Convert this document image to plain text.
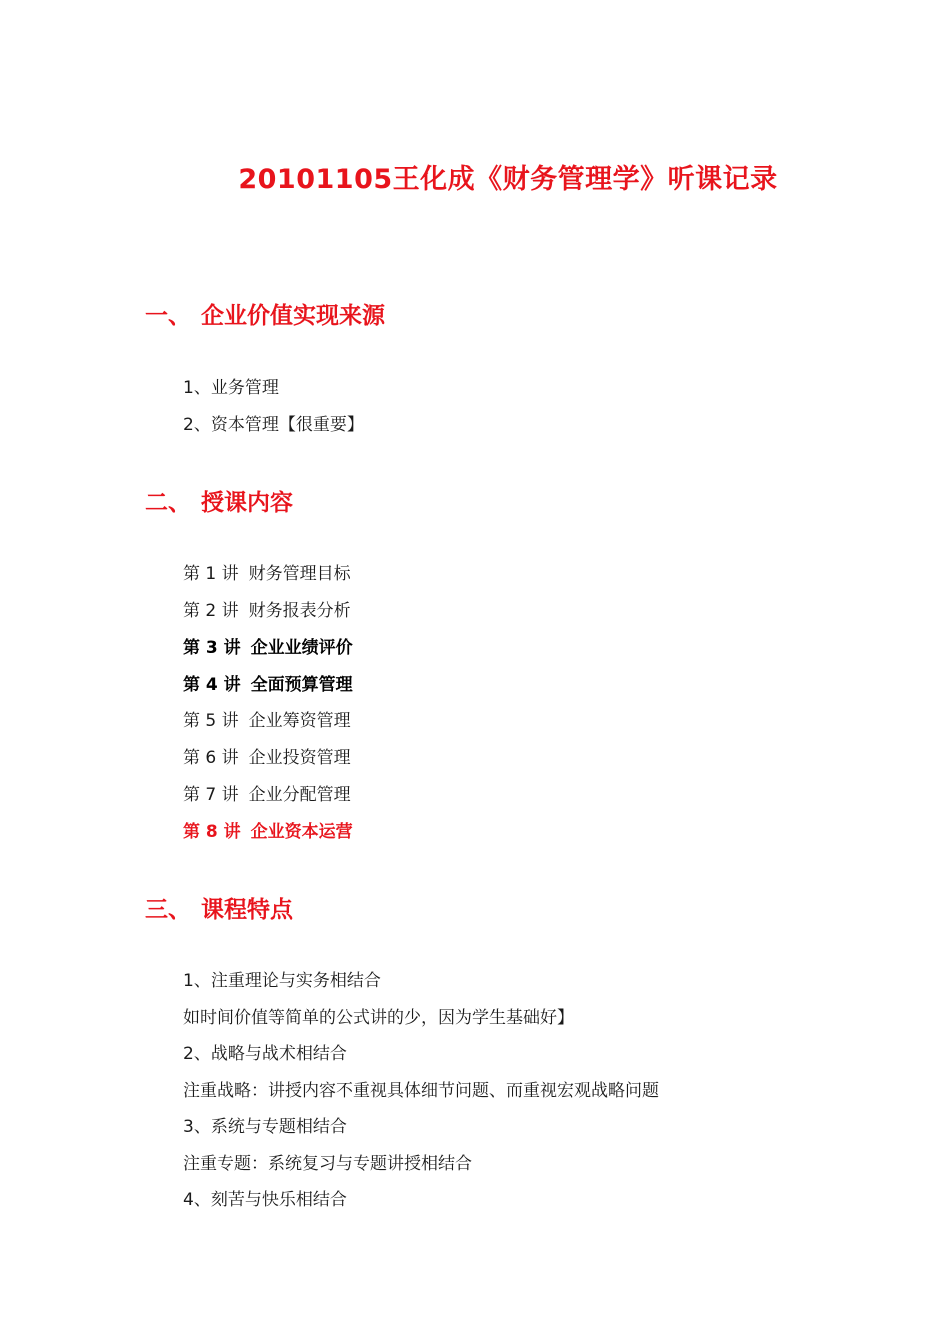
20101105王化成《财务管理学》听课记录
一、 企业价值实现来源
1、业务管理
2、资本管理【很重要】
二、 授课内容
第 1 讲 财务管理目标
第 2 讲 财务报表分析
第 3 讲 企业业绩评价
第 4 讲 全面预算管理
第 5 讲 企业筹资管理
第 6 讲 企业投资管理
第 7 讲 企业分配管理
第 8 讲 企业资本运营
三、 课程特点
1、注重理论与实务相结合
如时间价值等简单的公式讲的少，因为学生基础好】
2、战略与战术相结合
注重战略：讲授内容不重视具体细节问题、而重视宏观战略问题
3、系统与专题相结合
注重专题：系统复习与专题讲授相结合
4、刻苦与快乐相结合
